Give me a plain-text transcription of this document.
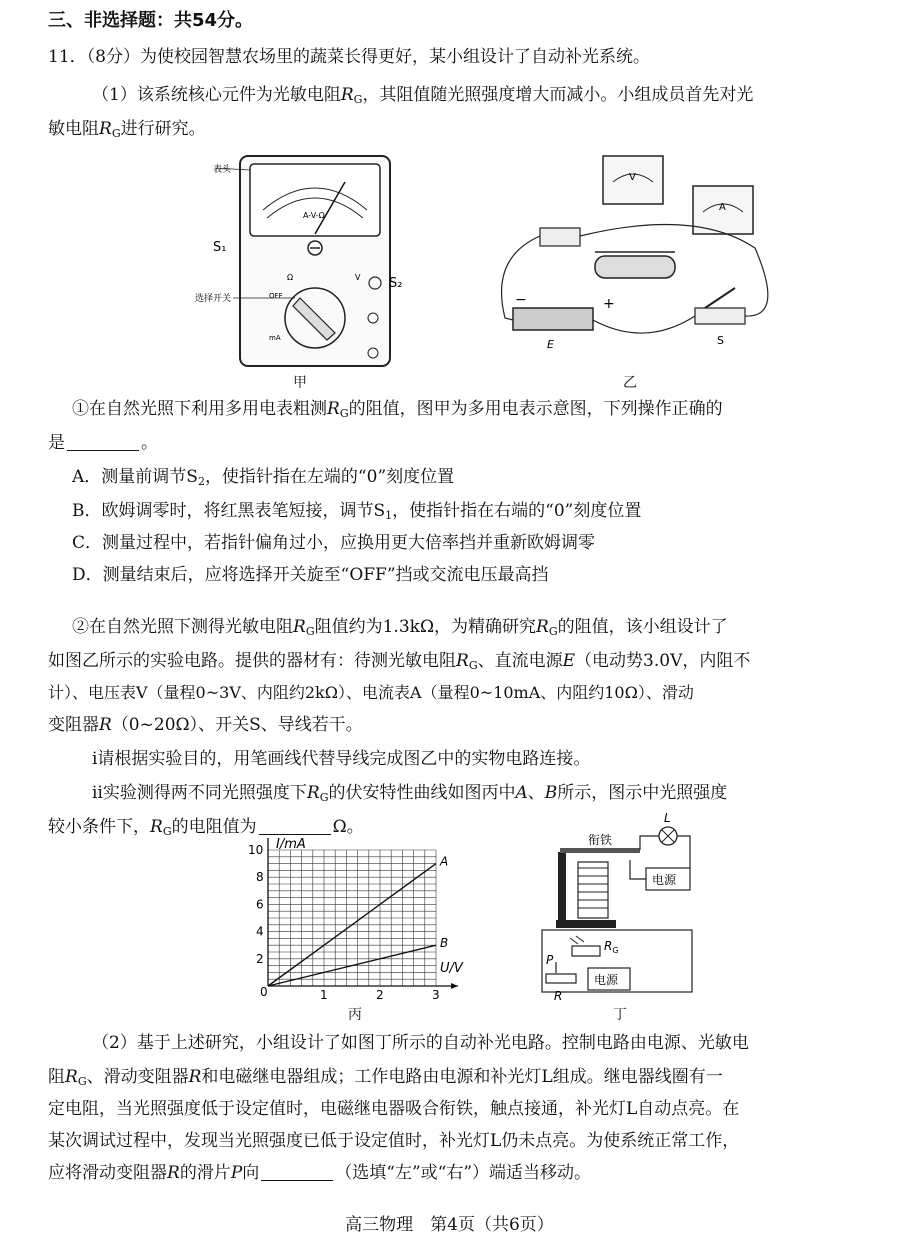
三、非选择题：共54分。
11．（8分）为使校园智慧农场里的蔬菜长得更好，某小组设计了自动补光系统。
（1）该系统核心元件为光敏电阻$R_G$，其阻值随光照强度增大而减小。小组成员首先对光
敏电阻$R_G$进行研究。
A-V-Ω
Ω	V
OFF
mA
表头
S₁
S₂
选择开关
甲
V
A
−	+
E	S
乙
①在自然光照下利用多用电表粗测$R_G$的阻值，图甲为多用电表示意图，下列操作正确的
是	。
A．测量前调节$S_2$，使指针指在左端的“0”刻度位置
B．欧姆调零时，将红黑表笔短接，调节$S_1$，使指针指在右端的“0”刻度位置
C．测量过程中，若指针偏角过小，应换用更大倍率挡并重新欧姆调零
D．测量结束后，应将选择开关旋至“OFF”挡或交流电压最高挡
②在自然光照下测得光敏电阻$R_G$阻值约为1.3kΩ，为精确研究$R_G$的阻值，该小组设计了
如图乙所示的实验电路。提供的器材有：待测光敏电阻$R_G$、直流电源E（电动势3.0V，内阻不
计）、电压表V（量程0~3V、内阻约2kΩ）、电流表A（量程0~10mA、内阻约10Ω）、滑动
变阻器R（0~20Ω）、开关S、导线若干。
ⅰ请根据实验目的，用笔画线代替导线完成图乙中的实物电路连接。
ⅱ实验测得两不同光照强度下$R_G$的伏安特性曲线如图丙中A、B所示，图示中光照强度
较小条件下，$R_G$的电阻值为	Ω。
A
B
1	2	3
2
4
6
8
10 I/mA
U/V
0
丙
衔铁
L
电源
$R_G$
P
R
电源
丁
（2）基于上述研究，小组设计了如图丁所示的自动补光电路。控制电路由电源、光敏电
阻$R_G$、滑动变阻器R和电磁继电器组成；工作电路由电源和补光灯L组成。继电器线圈有一
定电阻，当光照强度低于设定值时，电磁继电器吸合衔铁，触点接通，补光灯L自动点亮。在
某次调试过程中，发现当光照强度已低于设定值时，补光灯L仍未点亮。为使系统正常工作，
应将滑动变阻器R的滑片P向	（选填“左”或“右”）端适当移动。
高三物理　第4页（共6页）
